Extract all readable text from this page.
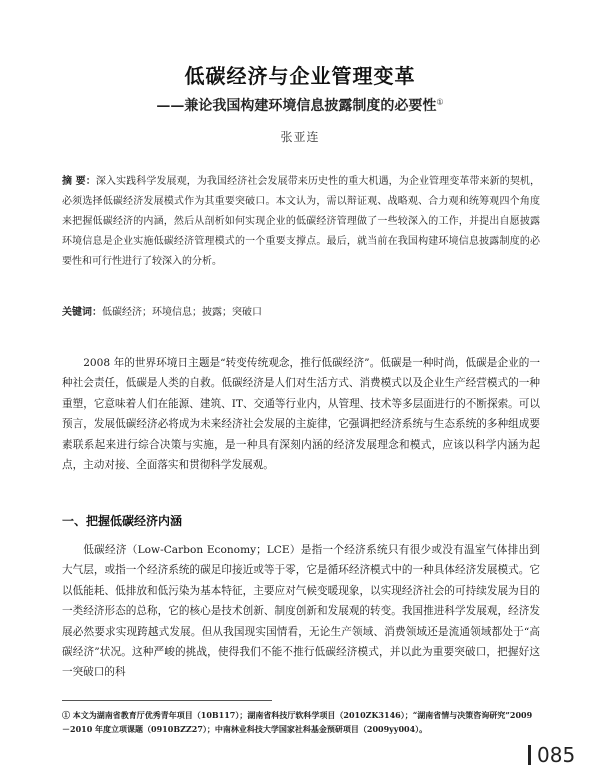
低碳经济与企业管理变革
——兼论我国构建环境信息披露制度的必要性①
张亚连
摘 要：深入实践科学发展观，为我国经济社会发展带来历史性的重大机遇，为企业管理变革带来新的契机，必须选择低碳经济发展模式作为其重要突破口。本文认为，需以辩证观、战略观、合力观和统筹观四个角度来把握低碳经济的内涵，然后从剖析如何实现企业的低碳经济管理做了一些较深入的工作，并提出自愿披露环境信息是企业实施低碳经济管理模式的一个重要支撑点。最后，就当前在我国构建环境信息披露制度的必要性和可行性进行了较深入的分析。
关键词：低碳经济；环境信息；披露；突破口
2008 年的世界环境日主题是“转变传统观念，推行低碳经济”。低碳是一种时尚，低碳是企业的一种社会责任，低碳是人类的自救。低碳经济是人们对生活方式、消费模式以及企业生产经营模式的一种重塑，它意味着人们在能源、建筑、IT、交通等行业内，从管理、技术等多层面进行的不断探索。可以预言，发展低碳经济必将成为未来经济社会发展的主旋律，它强调把经济系统与生态系统的多种组成要素联系起来进行综合决策与实施，是一种具有深刻内涵的经济发展理念和模式，应该以科学内涵为起点，主动对接、全面落实和贯彻科学发展观。
一、把握低碳经济内涵
低碳经济（Low-Carbon Economy；LCE）是指一个经济系统只有很少或没有温室气体排出到大气层，或指一个经济系统的碳足印接近或等于零，它是循环经济模式中的一种具体经济发展模式。它以低能耗、低排放和低污染为基本特征，主要应对气候变暖现象，以实现经济社会的可持续发展为目的一类经济形态的总称，它的核心是技术创新、制度创新和发展观的转变。我国推进科学发展观，经济发展必然要求实现跨越式发展。但从我国现实国情看，无论生产领域、消费领域还是流通领域都处于“高碳经济”状况。这种严峻的挑战，使得我们不能不推行低碳经济模式，并以此为重要突破口，把握好这一突破口的科
① 本文为湖南省教育厅优秀青年项目（10B117）；湖南省科技厅软科学项目（2010ZK3146）；“湖南省情与决策咨询研究”2009－2010 年度立项课题（0910BZZ27）；中南林业科技大学国家社科基金预研项目（2009yy004）。
085
